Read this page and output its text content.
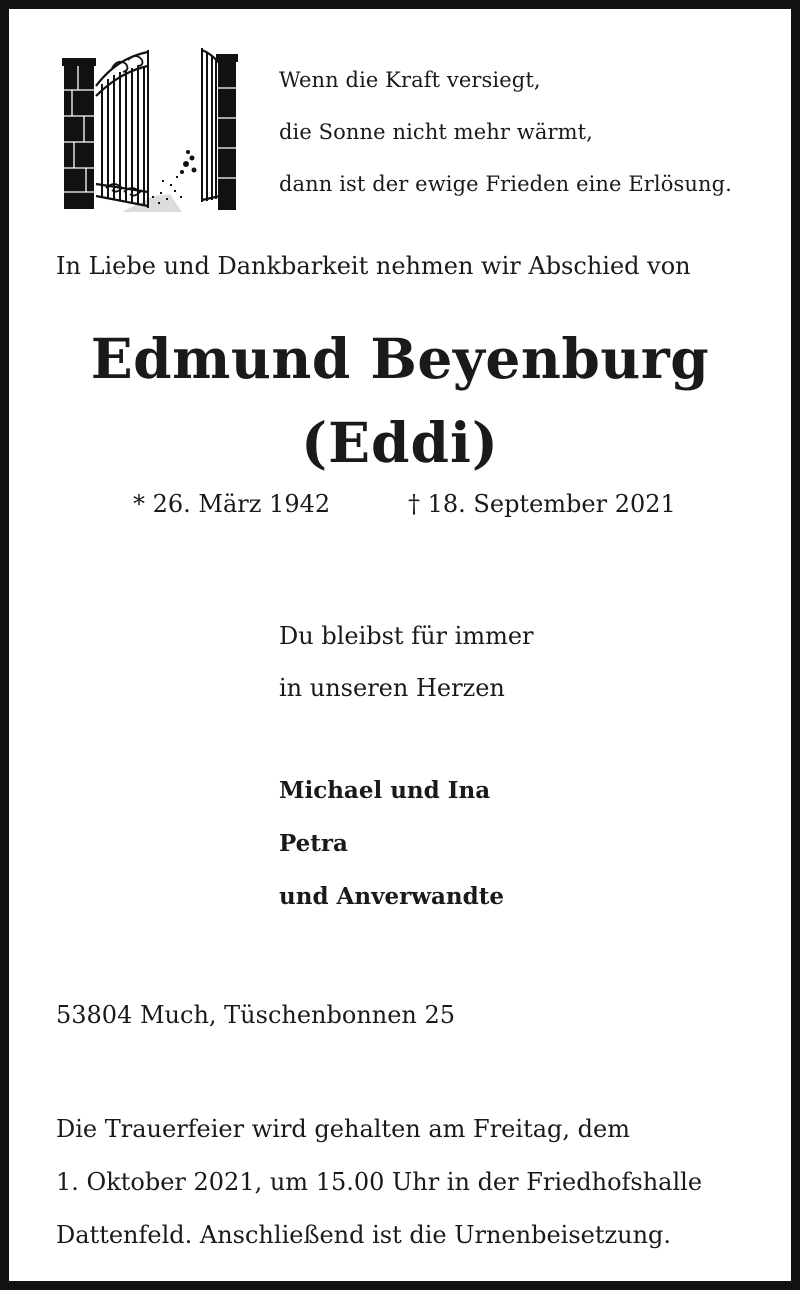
Wenn die Kraft versiegt,
die Sonne nicht mehr wärmt,
dann ist der ewige Frieden eine Erlösung.
In Liebe und Dankbarkeit nehmen wir Abschied von
Edmund Beyenburg
(Eddi)
* 26. März 1942	† 18. September 2021
Du bleibst für immer
in unseren Herzen
Michael und Ina
Petra
und Anverwandte
53804 Much, Tüschenbonnen 25
Die Trauerfeier wird gehalten am Freitag, dem
1. Oktober 2021, um 15.00 Uhr in der Friedhofshalle
Dattenfeld. Anschließend ist die Urnenbeisetzung.
